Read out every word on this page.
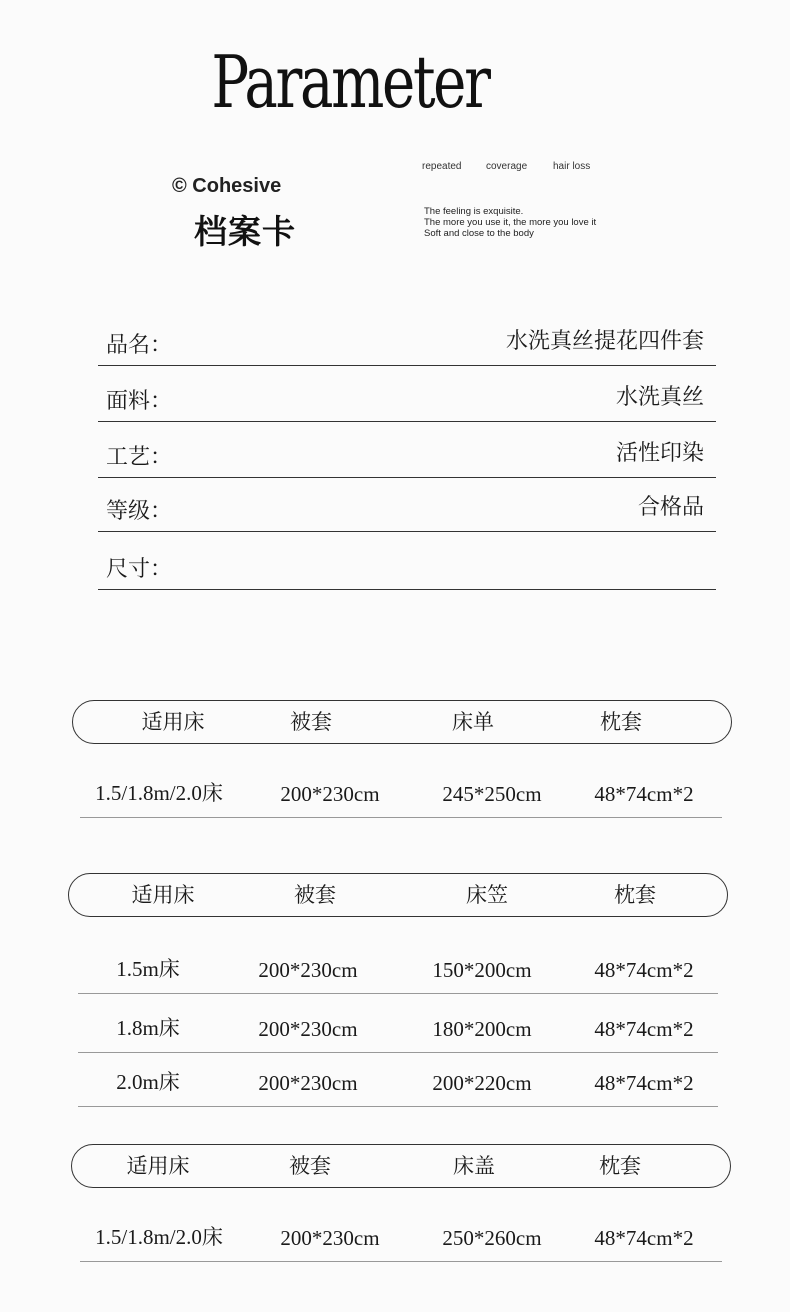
Parameter
© Cohesive
档案卡
repeated coverage	hair loss
The feeling is exquisite.
The more you use it, the more you love it
Soft and close to the body
品名：	水洗真丝提花四件套
面料：	水洗真丝
工艺：	活性印染
等级：	合格品
尺寸：
适用床	被套	床单	枕套
1.5/1.8m/2.0床	200*230cm	245*250cm	48*74cm*2
适用床	被套	床笠	枕套
1.5m床	200*230cm	150*200cm	48*74cm*2
1.8m床	200*230cm	180*200cm	48*74cm*2
2.0m床	200*230cm	200*220cm	48*74cm*2
适用床	被套	床盖	枕套
1.5/1.8m/2.0床	200*230cm	250*260cm	48*74cm*2
